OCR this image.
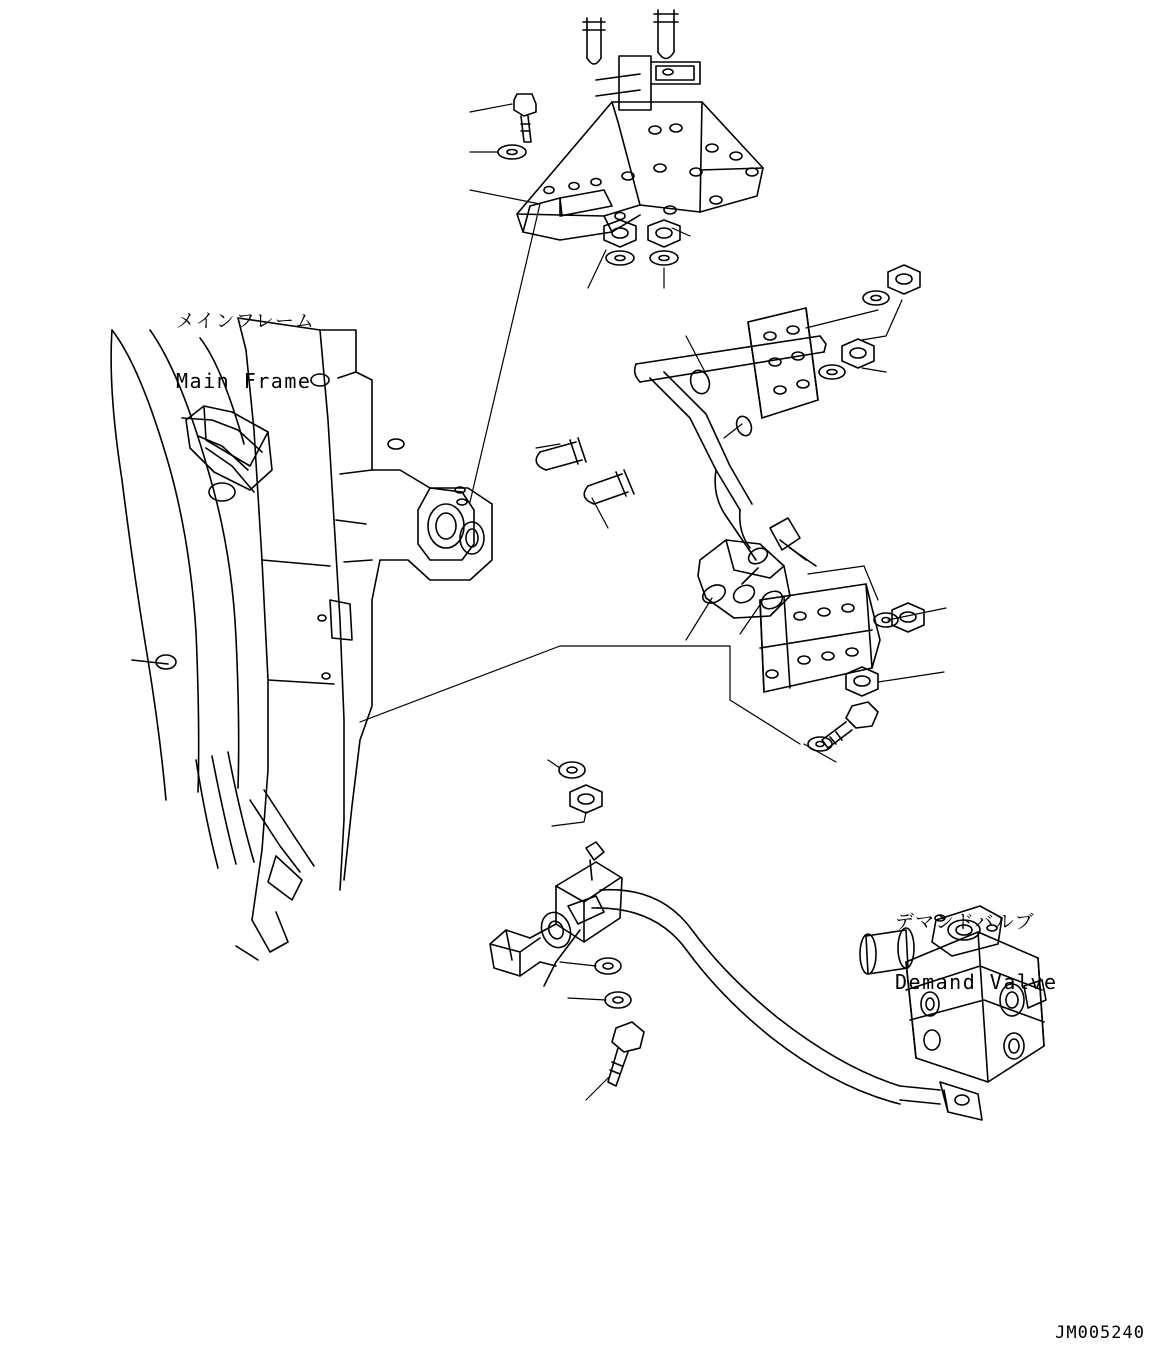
メインフレーム

Main Frame

デマンドバルブ

Demand Valve

JM005240
